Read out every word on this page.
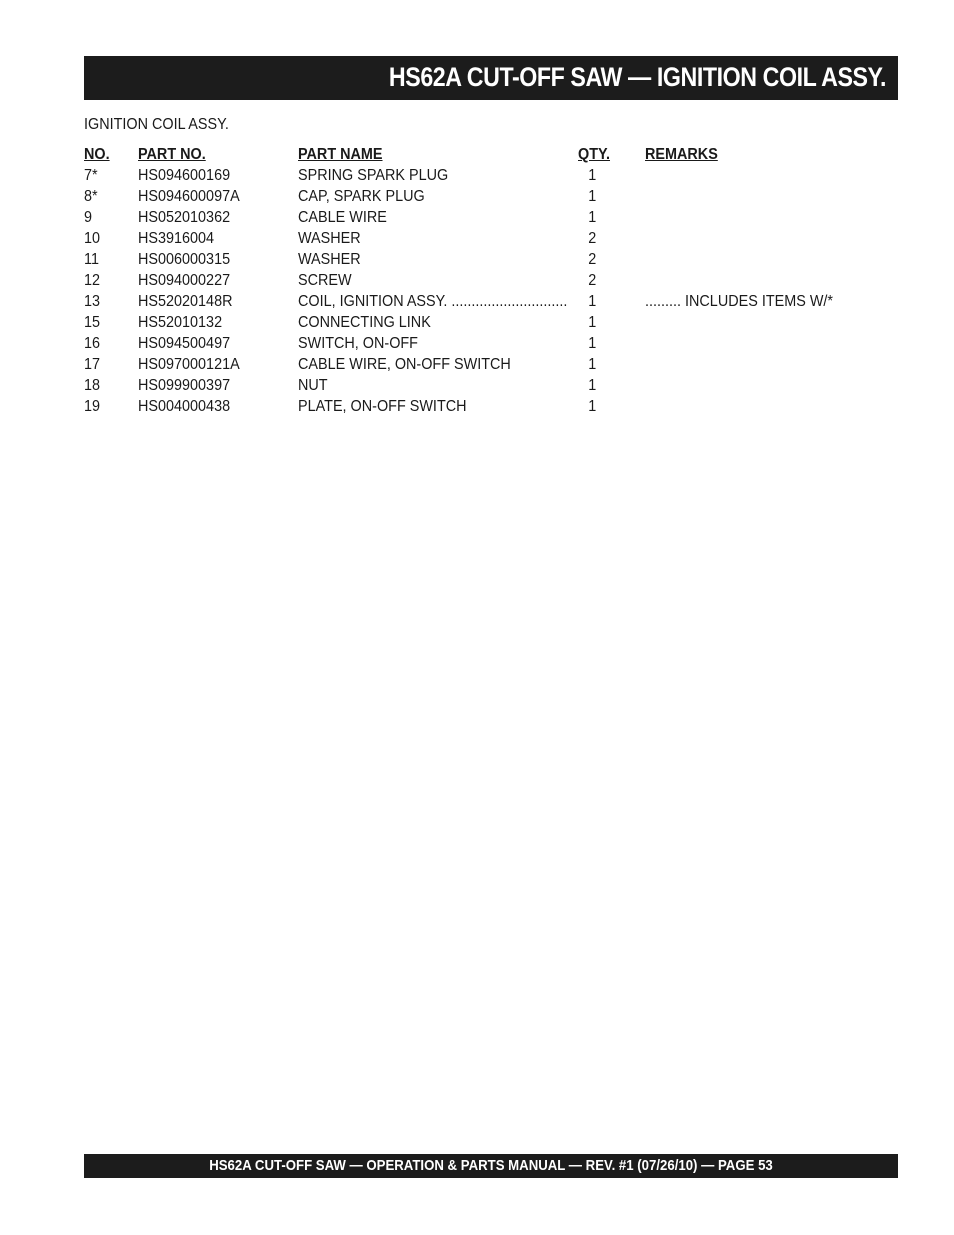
HS62A CUT-OFF SAW — IGNITION COIL ASSY.
IGNITION COIL ASSY.
NO. PART NO.	PART NAME	QTY. REMARKS
7*	HS094600169	SPRING SPARK PLUG	1
8*	HS094600097A	CAP, SPARK PLUG	1
9	HS052010362	CABLE WIRE	1
10 HS3916004	WASHER	2
11 HS006000315	WASHER	2
12 HS094000227	SCREW	2
13 HS52020148R	COIL, IGNITION ASSY. ............................. 1	......... INCLUDES ITEMS W/*
15 HS52010132	CONNECTING LINK	1
16 HS094500497	SWITCH, ON-OFF	1
17 HS097000121A	CABLE WIRE, ON-OFF SWITCH	1
18 HS099900397	NUT	1
19 HS004000438	PLATE, ON-OFF SWITCH	1
HS62A CUT-OFF SAW — OPERATION & PARTS MANUAL — REV. #1 (07/26/10) — PAGE 53
